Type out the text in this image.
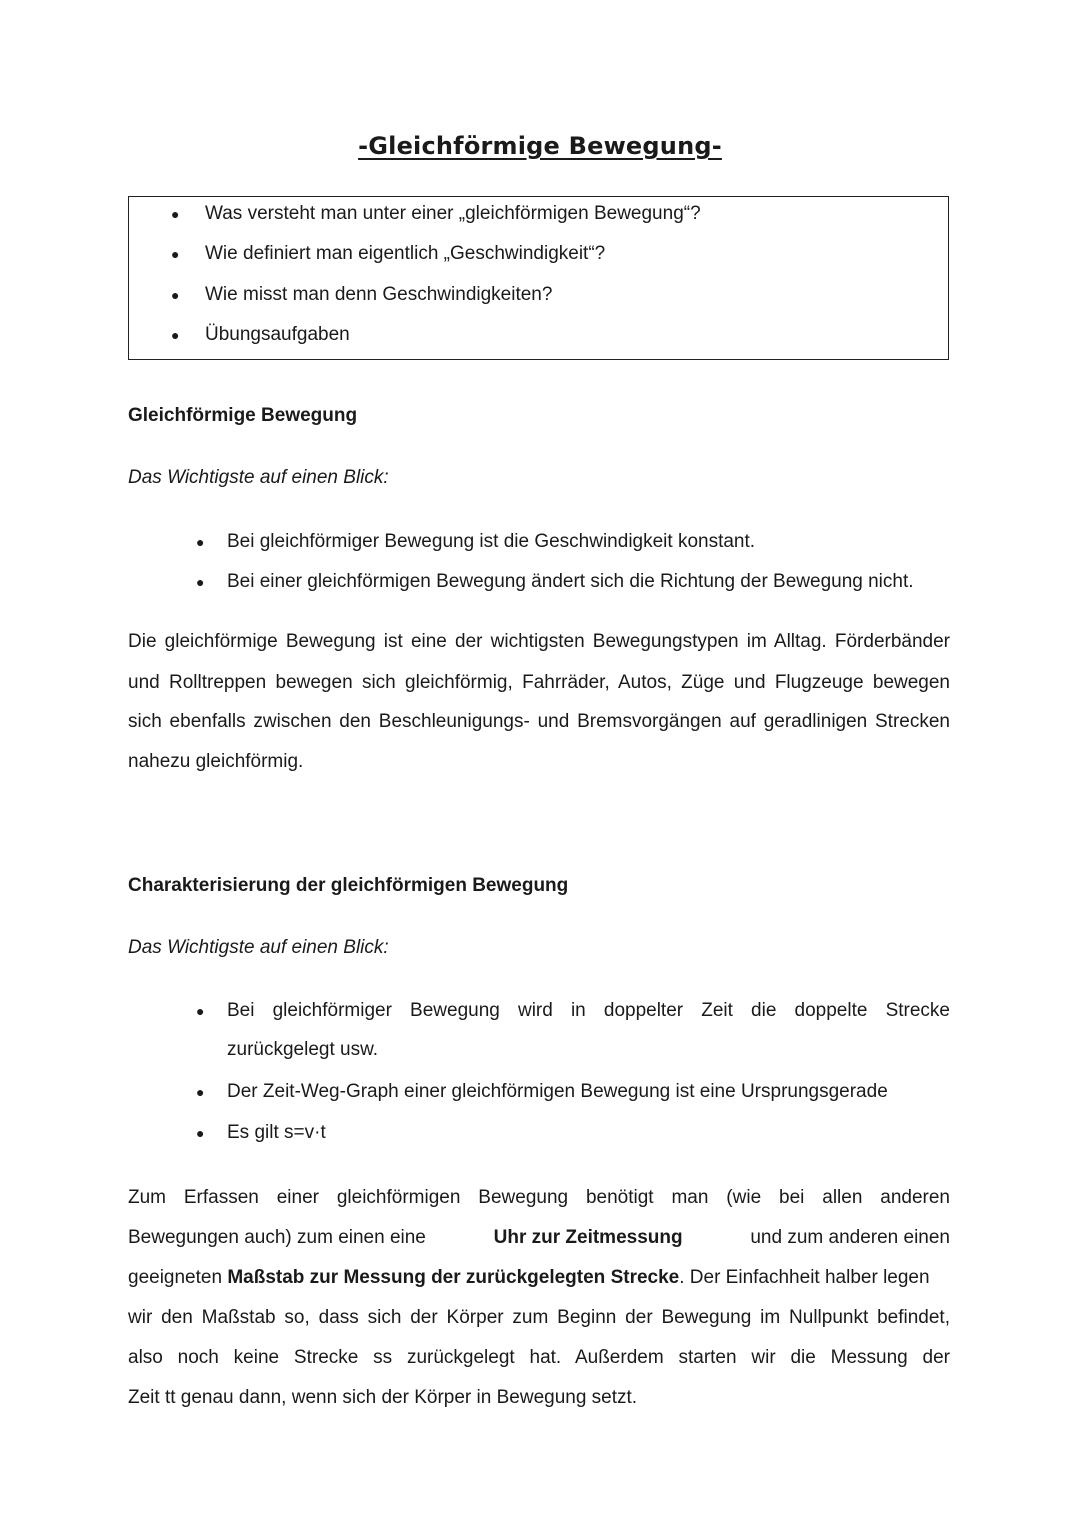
-Gleichförmige Bewegung-
● Was versteht man unter einer „gleichförmigen Bewegung“?
● Wie definiert man eigentlich „Geschwindigkeit“?
● Wie misst man denn Geschwindigkeiten?
● Übungsaufgaben
Gleichförmige Bewegung
Das Wichtigste auf einen Blick:
● Bei gleichförmiger Bewegung ist die Geschwindigkeit konstant.
● Bei einer gleichförmigen Bewegung ändert sich die Richtung der Bewegung nicht.
Die gleichförmige Bewegung ist eine der wichtigsten Bewegungstypen im Alltag. Förderbänder
und Rolltreppen bewegen sich gleichförmig, Fahrräder, Autos, Züge und Flugzeuge bewegen
sich ebenfalls zwischen den Beschleunigungs- und Bremsvorgängen auf geradlinigen Strecken
nahezu gleichförmig.
Charakterisierung der gleichförmigen Bewegung
Das Wichtigste auf einen Blick:
● Bei gleichförmiger Bewegung wird in doppelter Zeit die doppelte Strecke
zurückgelegt usw.
● Der Zeit-Weg-Graph einer gleichförmigen Bewegung ist eine Ursprungsgerade
● Es gilt s=v·t
Zum Erfassen einer gleichförmigen Bewegung benötigt man (wie bei allen anderen
Bewegungen auch) zum einen eine	Uhr zur Zeitmessung	und zum anderen einen
geeigneten Maßstab zur Messung der zurückgelegten Strecke. Der Einfachheit halber legen
wir den Maßstab so, dass sich der Körper zum Beginn der Bewegung im Nullpunkt befindet,
also noch keine Strecke ss zurückgelegt hat. Außerdem starten wir die Messung der
Zeit tt genau dann, wenn sich der Körper in Bewegung setzt.
